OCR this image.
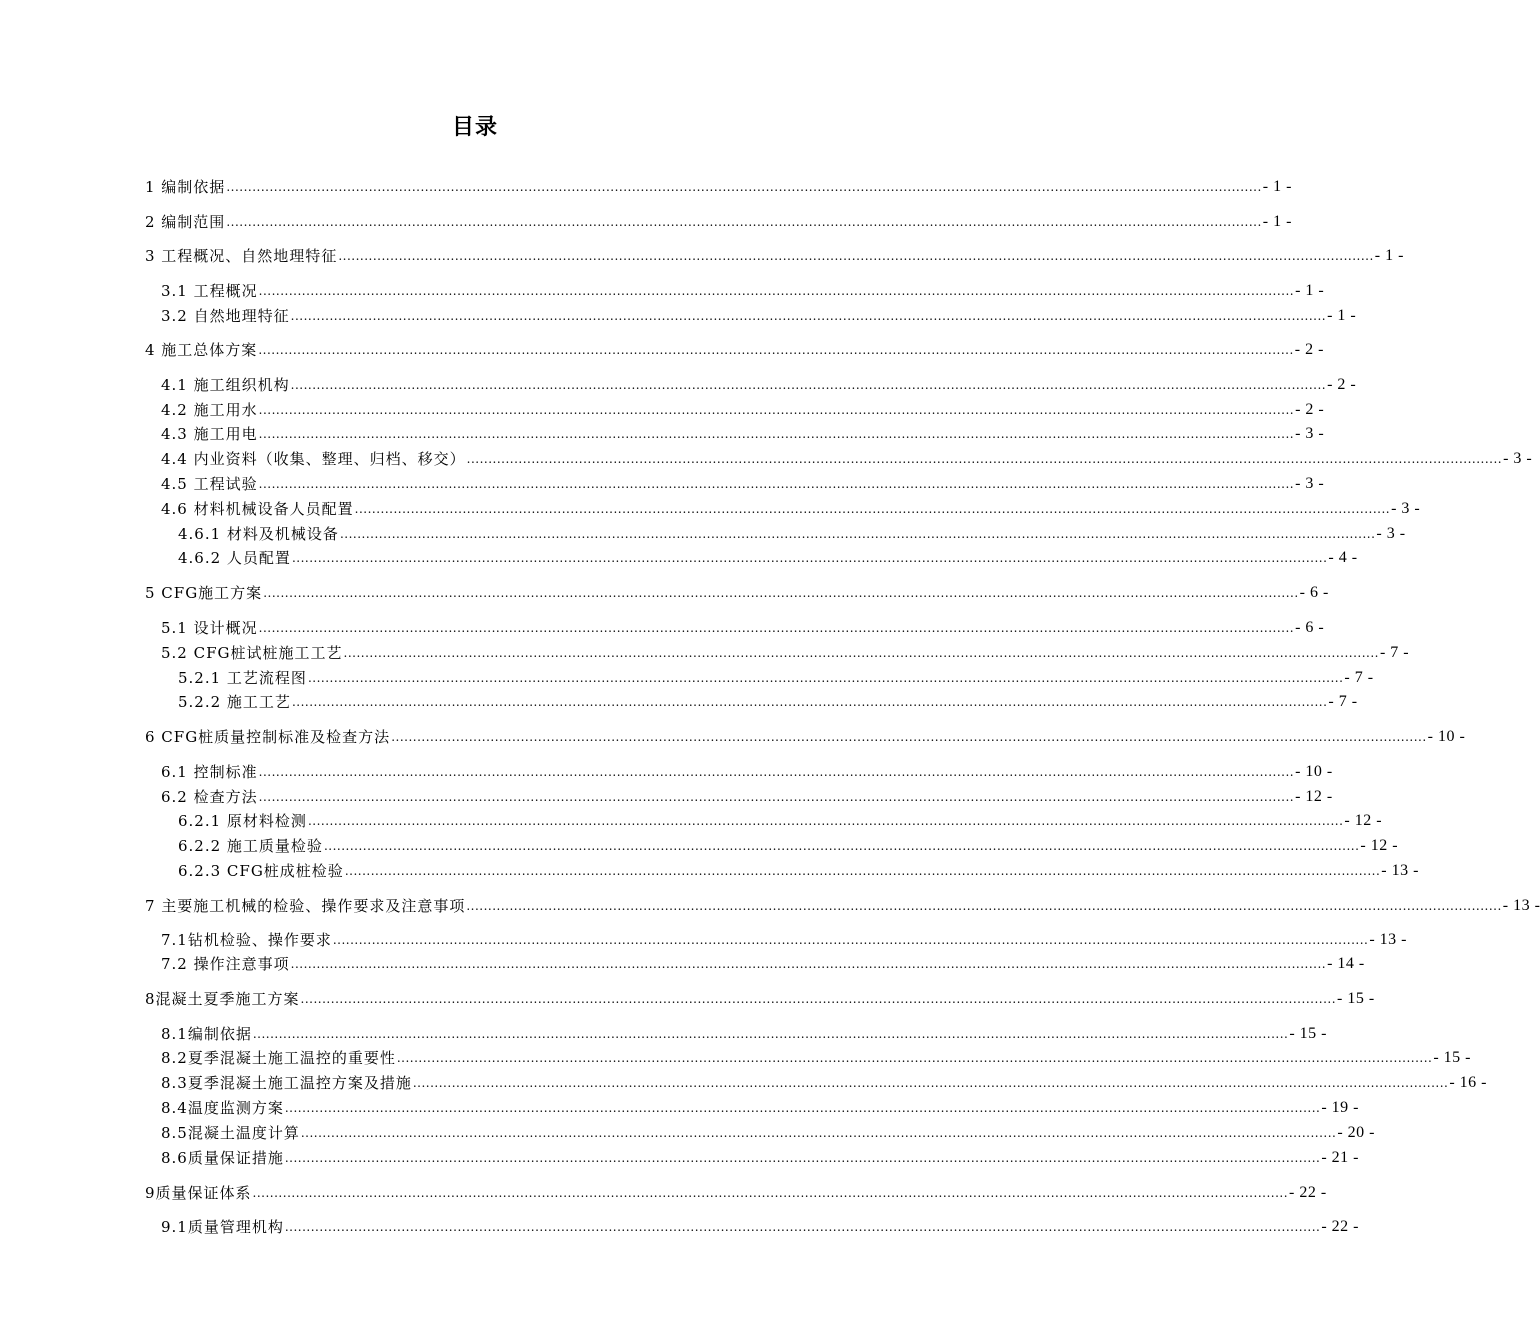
目录
1 编制依据 ................................................................................................................................................................................................................................................ - 1 -
2 编制范围 ................................................................................................................................................................................................................................................ - 1 -
3 工程概况、自然地理特征 ................................................................................................................................................................................................................................................ - 1 -
3.1 工程概况 ................................................................................................................................................................................................................................................ - 1 -
3.2 自然地理特征 ................................................................................................................................................................................................................................................ - 1 -
4 施工总体方案 ................................................................................................................................................................................................................................................ - 2 -
4.1 施工组织机构 ................................................................................................................................................................................................................................................ - 2 -
4.2 施工用水 ................................................................................................................................................................................................................................................ - 2 -
4.3 施工用电 ................................................................................................................................................................................................................................................ - 3 -
4.4 内业资料（收集、整理、归档、移交） ................................................................................................................................................................................................................................................ - 3 -
4.5 工程试验 ................................................................................................................................................................................................................................................ - 3 -
4.6 材料机械设备人员配置 ................................................................................................................................................................................................................................................ - 3 -
4.6.1 材料及机械设备 ................................................................................................................................................................................................................................................ - 3 -
4.6.2 人员配置 ................................................................................................................................................................................................................................................ - 4 -
5 CFG施工方案 ................................................................................................................................................................................................................................................ - 6 -
5.1 设计概况 ................................................................................................................................................................................................................................................ - 6 -
5.2 CFG桩试桩施工工艺 ................................................................................................................................................................................................................................................ - 7 -
5.2.1 工艺流程图 ................................................................................................................................................................................................................................................ - 7 -
5.2.2 施工工艺 ................................................................................................................................................................................................................................................ - 7 -
6 CFG桩质量控制标准及检查方法 ................................................................................................................................................................................................................................................ - 10 -
6.1 控制标准 ................................................................................................................................................................................................................................................ - 10 -
6.2 检查方法 ................................................................................................................................................................................................................................................ - 12 -
6.2.1 原材料检测 ................................................................................................................................................................................................................................................ - 12 -
6.2.2 施工质量检验 ................................................................................................................................................................................................................................................ - 12 -
6.2.3 CFG桩成桩检验 ................................................................................................................................................................................................................................................ - 13 -
7 主要施工机械的检验、操作要求及注意事项 ................................................................................................................................................................................................................................................ - 13 -
7.1钻机检验、操作要求 ................................................................................................................................................................................................................................................ - 13 -
7.2 操作注意事项 ................................................................................................................................................................................................................................................ - 14 -
8混凝土夏季施工方案 ................................................................................................................................................................................................................................................ - 15 -
8.1编制依据 ................................................................................................................................................................................................................................................ - 15 -
8.2夏季混凝土施工温控的重要性 ................................................................................................................................................................................................................................................ - 15 -
8.3夏季混凝土施工温控方案及措施 ................................................................................................................................................................................................................................................ - 16 -
8.4温度监测方案 ................................................................................................................................................................................................................................................ - 19 -
8.5混凝土温度计算 ................................................................................................................................................................................................................................................ - 20 -
8.6质量保证措施 ................................................................................................................................................................................................................................................ - 21 -
9质量保证体系 ................................................................................................................................................................................................................................................ - 22 -
9.1质量管理机构 ................................................................................................................................................................................................................................................ - 22 -
